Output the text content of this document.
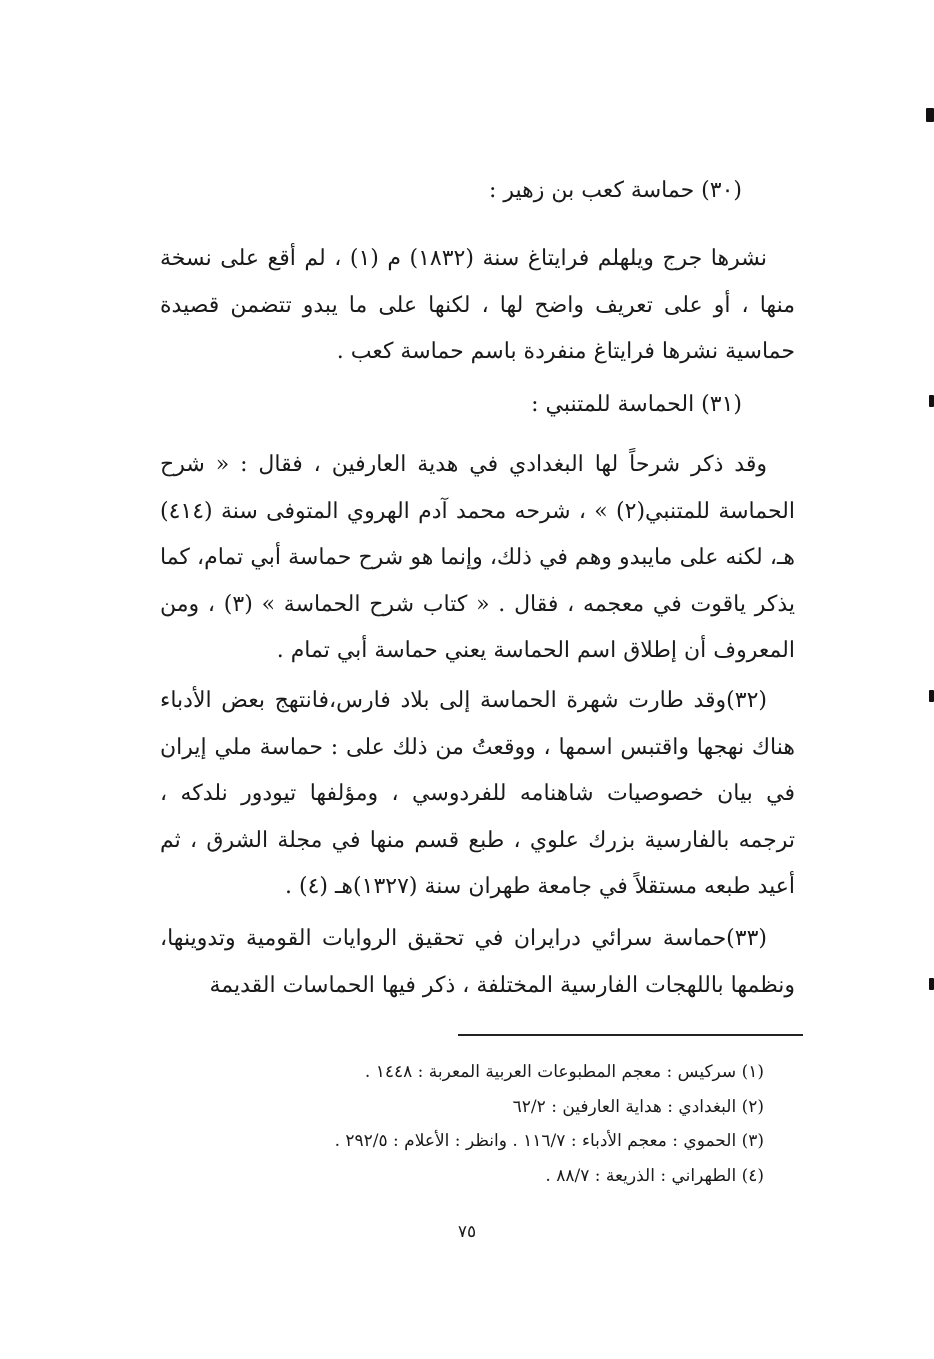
(٣٠) حماسة كعب بن زهير :

نشرها جرج ويلهلم فرايتاغ سنة (١٨٣٢) م (١) ، لم أقع على نسخة منها ، أو على تعريف واضح لها ، لكنها على ما يبدو تتضمن قصيدة حماسية نشرها فرايتاغ منفردة باسم حماسة كعب .

(٣١) الحماسة للمتنبي :

وقد ذكر شرحاً لها البغدادي في هدية العارفين ، فقال : « شرح الحماسة للمتنبي(٢) » ، شرحه محمد آدم الهروي المتوفى سنة (٤١٤) هـ، لكنه على مايبدو وهم في ذلك، وإنما هو شرح حماسة أبي تمام، كما يذكر ياقوت في معجمه ، فقال . « كتاب شرح الحماسة » (٣) ، ومن المعروف أن إطلاق اسم الحماسة يعني حماسة أبي تمام .

(٣٢)وقد طارت شهرة الحماسة إلى بلاد فارس،فانتهج بعض الأدباء هناك نهجها واقتبس اسمها ، ووقعتُ من ذلك على : حماسة ملي إيران في بيان خصوصيات شاهنامه للفردوسي ، ومؤلفها تيودور نلدكه ، ترجمه بالفارسية بزرك علوي ، طبع قسم منها في مجلة الشرق ، ثم أعيد طبعه مستقلاً في جامعة طهران سنة (١٣٢٧)هـ (٤) .

(٣٣)حماسة سرائي درايران في تحقيق الروايات القومية وتدوينها، ونظمها باللهجات الفارسية المختلفة ، ذكر فيها الحماسات القديمة

(١) سركيس : معجم المطبوعات العربية المعربة : ١٤٤٨ .
(٢) البغدادي : هداية العارفين : ٦٢/٢
(٣) الحموي : معجم الأدباء : ١١٦/٧ . وانظر : الأعلام : ٢٩٢/٥ .
(٤) الطهراني : الذريعة : ٨٨/٧ .
٧٥
